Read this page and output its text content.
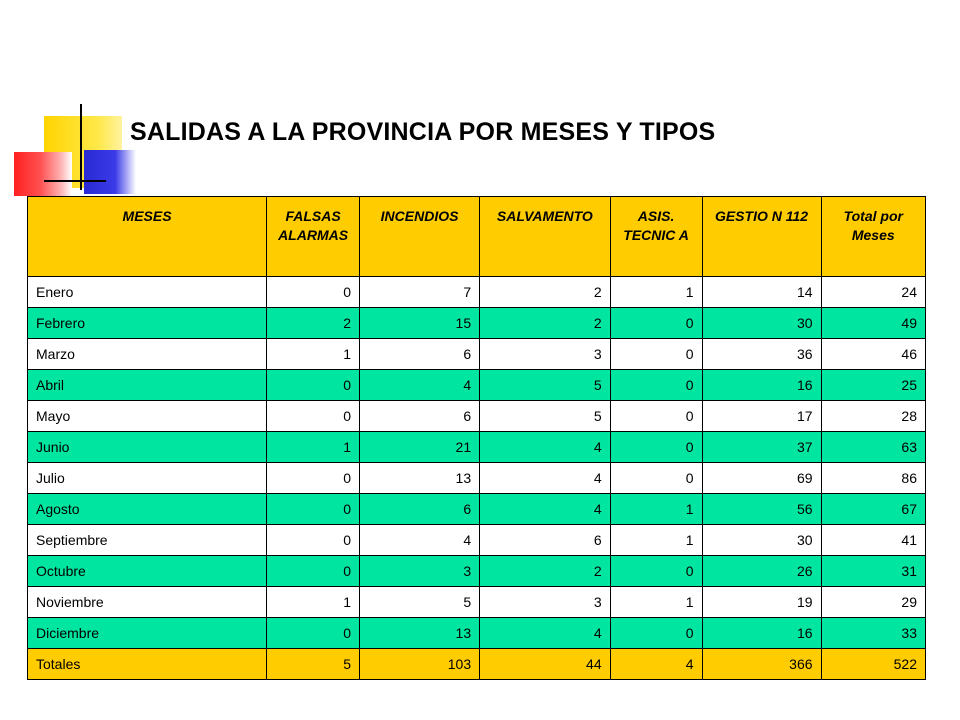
SALIDAS A LA PROVINCIA POR MESES Y TIPOS
MESES	FALSAS ALARMAS	INCENDIOS	SALVAMENTO	ASIS. TECNIC A	GESTIO N 112	Total por Meses
Enero	0	7	2	1	14	24
Febrero	2	15	2	0	30	49
Marzo	1	6	3	0	36	46
Abril	0	4	5	0	16	25
Mayo	0	6	5	0	17	28
Junio	1	21	4	0	37	63
Julio	0	13	4	0	69	86
Agosto	0	6	4	1	56	67
Septiembre	0	4	6	1	30	41
Octubre	0	3	2	0	26	31
Noviembre	1	5	3	1	19	29
Diciembre	0	13	4	0	16	33
Totales	5	103	44	4	366	522
